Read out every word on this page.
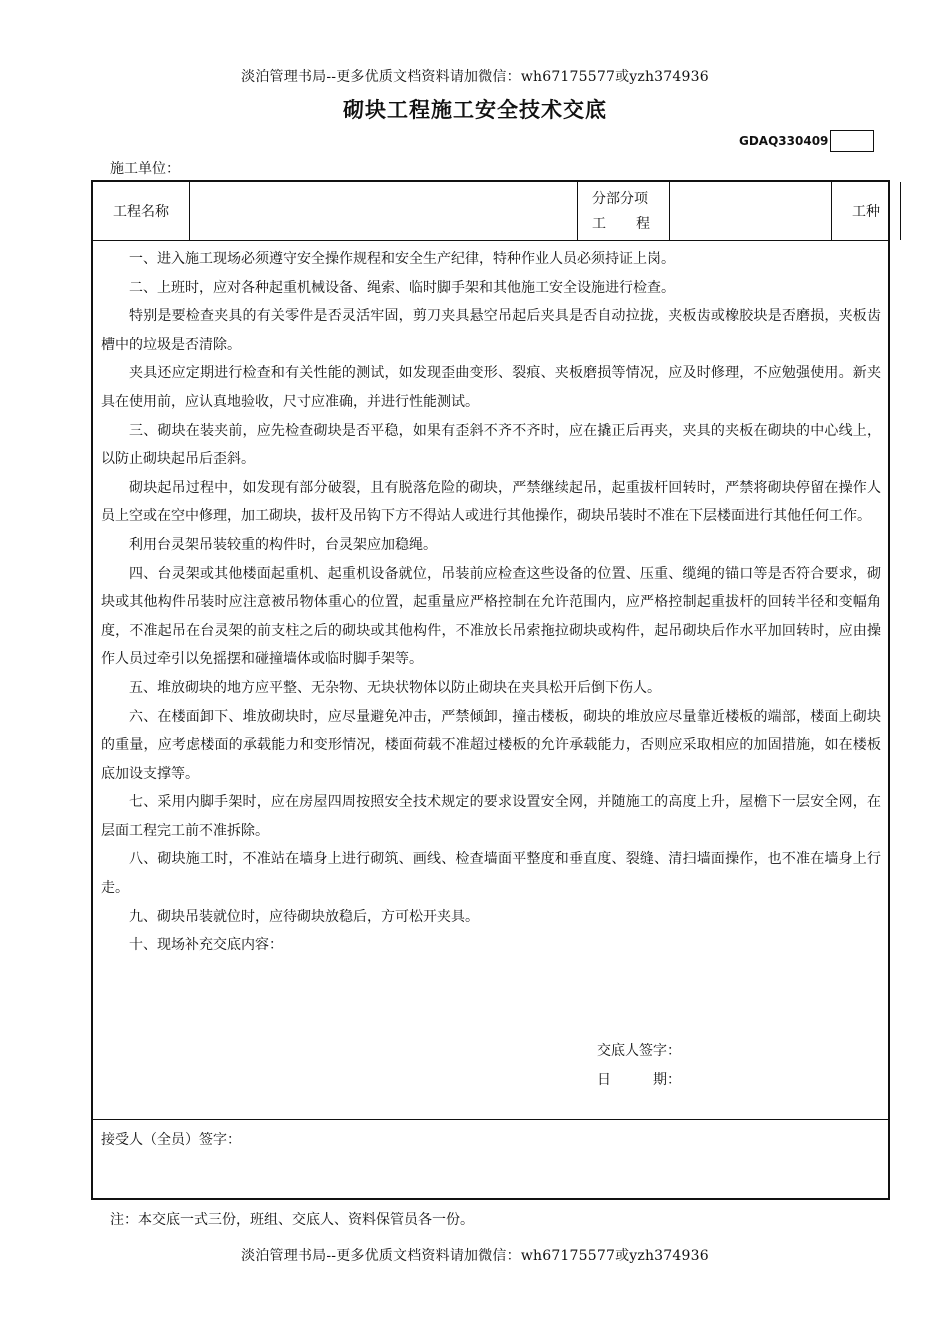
淡泊管理书局--更多优质文档资料请加微信：wh67175577或yzh374936
砌块工程施工安全技术交底
GDAQ330409
施工单位：
工程名称
分部分项
工 程
工种

一、进入施工现场必须遵守安全操作规程和安全生产纪律，特种作业人员必须持证上岗。

二、上班时，应对各种起重机械设备、绳索、临时脚手架和其他施工安全设施进行检查。

特别是要检查夹具的有关零件是否灵活牢固，剪刀夹具悬空吊起后夹具是否自动拉拢，夹板齿或橡胶块是否磨损，夹板齿槽中的垃圾是否清除。

夹具还应定期进行检查和有关性能的测试，如发现歪曲变形、裂痕、夹板磨损等情况，应及时修理，不应勉强使用。新夹具在使用前，应认真地验收，尺寸应准确，并进行性能测试。

三、砌块在装夹前，应先检查砌块是否平稳，如果有歪斜不齐不齐时，应在撬正后再夹，夹具的夹板在砌块的中心线上，以防止砌块起吊后歪斜。

砌块起吊过程中，如发现有部分破裂，且有脱落危险的砌块，严禁继续起吊，起重拔杆回转时，严禁将砌块停留在操作人员上空或在空中修理，加工砌块，拔杆及吊钩下方不得站人或进行其他操作，砌块吊装时不准在下层楼面进行其他任何工作。

利用台灵架吊装较重的构件时，台灵架应加稳绳。

四、台灵架或其他楼面起重机、起重机设备就位，吊装前应检查这些设备的位置、压重、缆绳的锚口等是否符合要求，砌块或其他构件吊装时应注意被吊物体重心的位置，起重量应严格控制在允许范围内，应严格控制起重拔杆的回转半径和变幅角度，不准起吊在台灵架的前支柱之后的砌块或其他构件，不准放长吊索拖拉砌块或构件，起吊砌块后作水平加回转时，应由操作人员过牵引以免摇摆和碰撞墙体或临时脚手架等。

五、堆放砌块的地方应平整、无杂物、无块状物体以防止砌块在夹具松开后倒下伤人。

六、在楼面卸下、堆放砌块时，应尽量避免冲击，严禁倾卸，撞击楼板，砌块的堆放应尽量靠近楼板的端部，楼面上砌块的重量，应考虑楼面的承载能力和变形情况，楼面荷载不准超过楼板的允许承载能力，否则应采取相应的加固措施，如在楼板底加设支撑等。

七、采用内脚手架时，应在房屋四周按照安全技术规定的要求设置安全网，并随施工的高度上升，屋檐下一层安全网，在层面工程完工前不准拆除。

八、砌块施工时，不准站在墙身上进行砌筑、画线、检查墙面平整度和垂直度、裂缝、清扫墙面操作，也不准在墙身上行走。

九、砌块吊装就位时，应待砌块放稳后，方可松开夹具。

十、现场补充交底内容：

交底人签字：
日	期：
接受人（全员）签字：
注：本交底一式三份，班组、交底人、资料保管员各一份。
淡泊管理书局--更多优质文档资料请加微信：wh67175577或yzh374936
